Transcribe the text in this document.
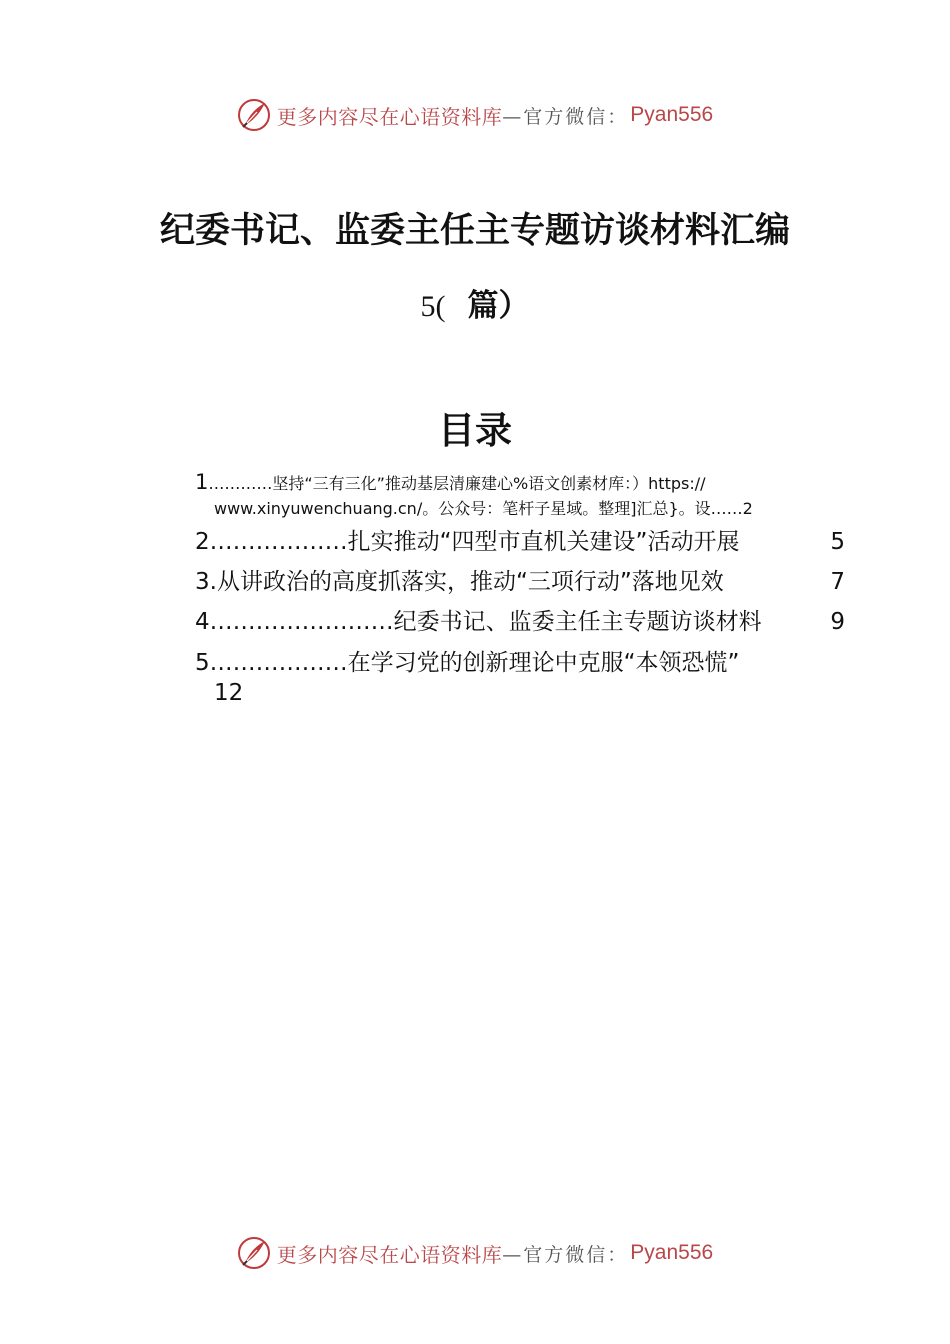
更多内容尽在心语资料库 —官方微信： Pyan556
纪委书记、监委主任主专题访谈材料汇编
5( 篇）
目录
1…………坚持“三有三化”推动基层清廉建心%语文创素材库：）https://
www.xinyuwenchuang.cn/。公众号：笔杆子星域。整理]汇总}。设……2
2………………扎实推动“四型市直机关建设”活动开展	5
3.从讲政治的高度抓落实，推动“三项行动”落地见效	7
4……………………纪委书记、监委主任主专题访谈材料	9
5………………在学习党的创新理论中克服“本领恐慌”
12
更多内容尽在心语资料库 —官方微信： Pyan556
